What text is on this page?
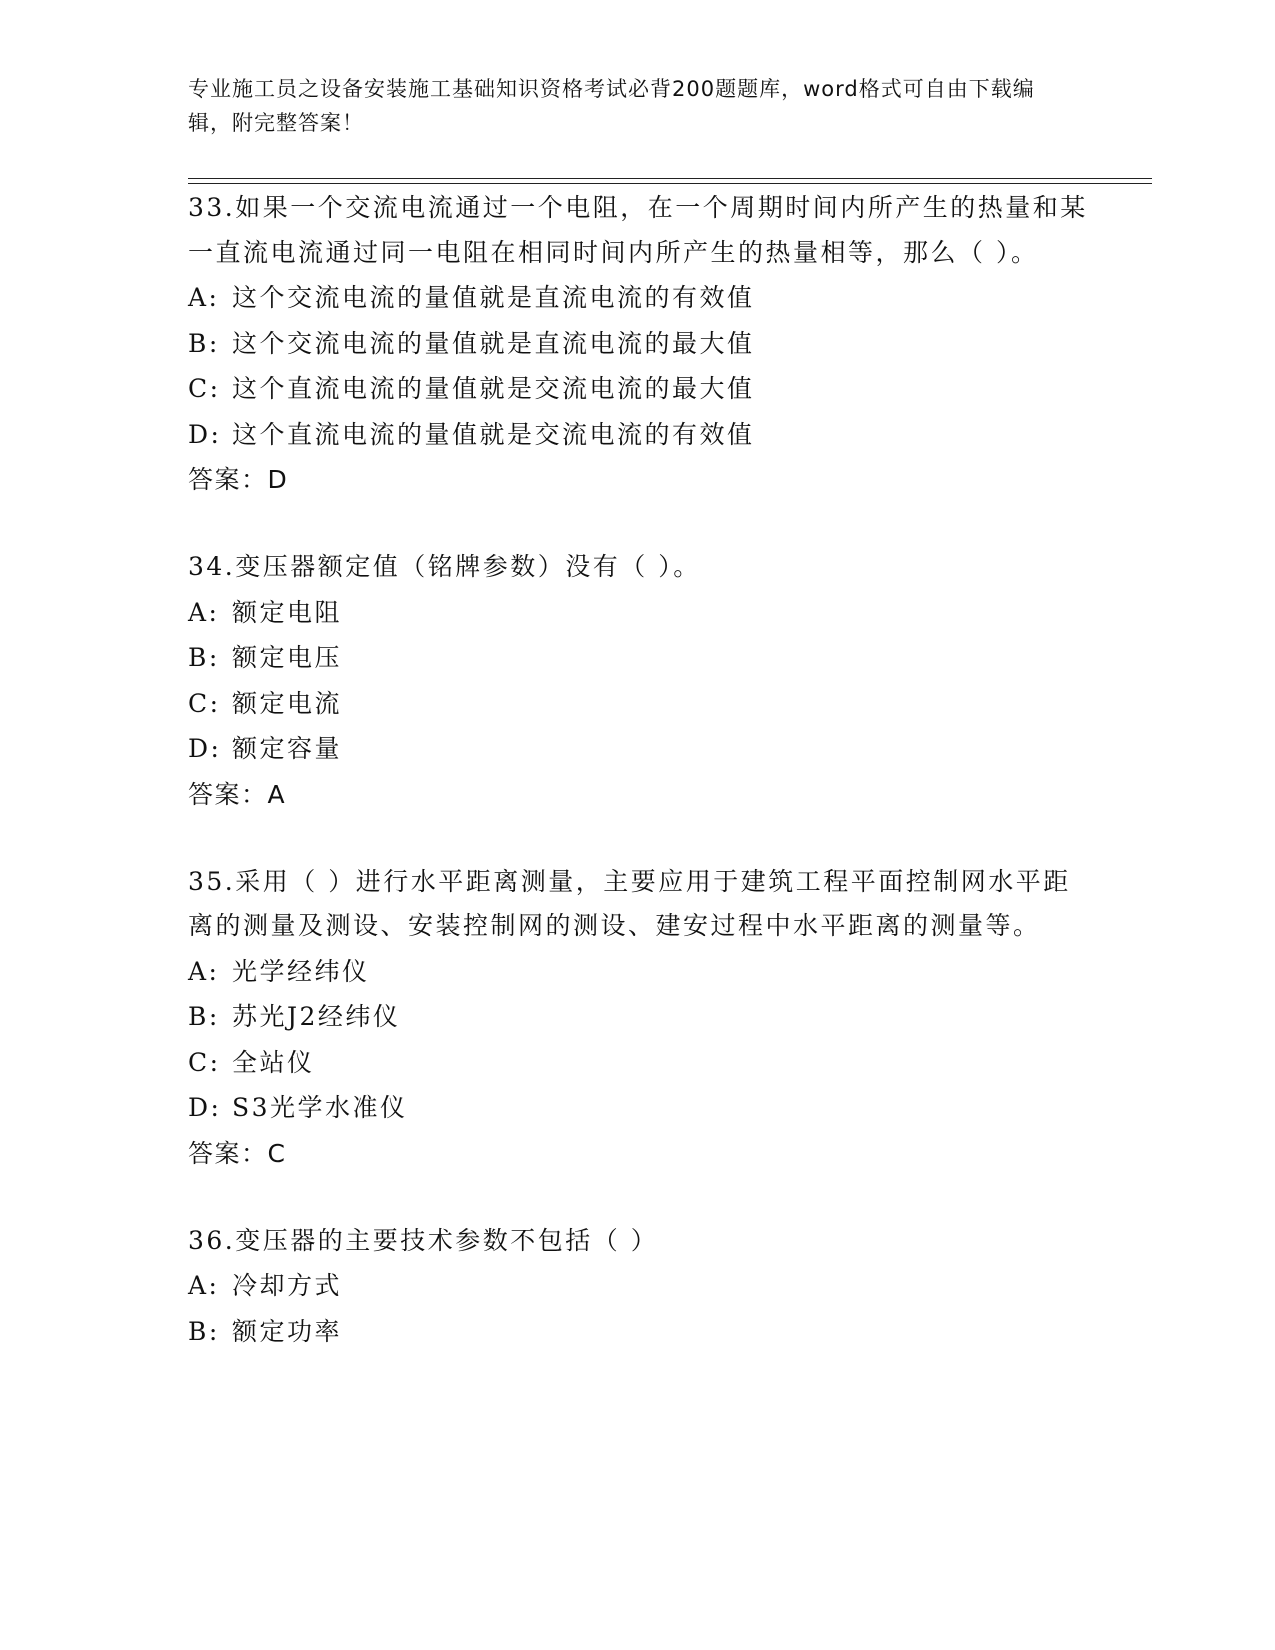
专业施工员之设备安装施工基础知识资格考试必背200题题库，word格式可自由下载编辑，附完整答案！
33.如果一个交流电流通过一个电阻，在一个周期时间内所产生的热量和某一直流电流通过同一电阻在相同时间内所产生的热量相等，那么（ ）。
A: 这个交流电流的量值就是直流电流的有效值
B: 这个交流电流的量值就是直流电流的最大值
C: 这个直流电流的量值就是交流电流的最大值
D: 这个直流电流的量值就是交流电流的有效值
答案：D
34.变压器额定值（铭牌参数）没有（ ）。
A: 额定电阻
B: 额定电压
C: 额定电流
D: 额定容量
答案：A
35.采用（ ）进行水平距离测量，主要应用于建筑工程平面控制网水平距离的测量及测设、安装控制网的测设、建安过程中水平距离的测量等。
A: 光学经纬仪
B: 苏光J2经纬仪
C: 全站仪
D: S3光学水准仪
答案：C
36.变压器的主要技术参数不包括（ ）
A: 冷却方式
B: 额定功率
